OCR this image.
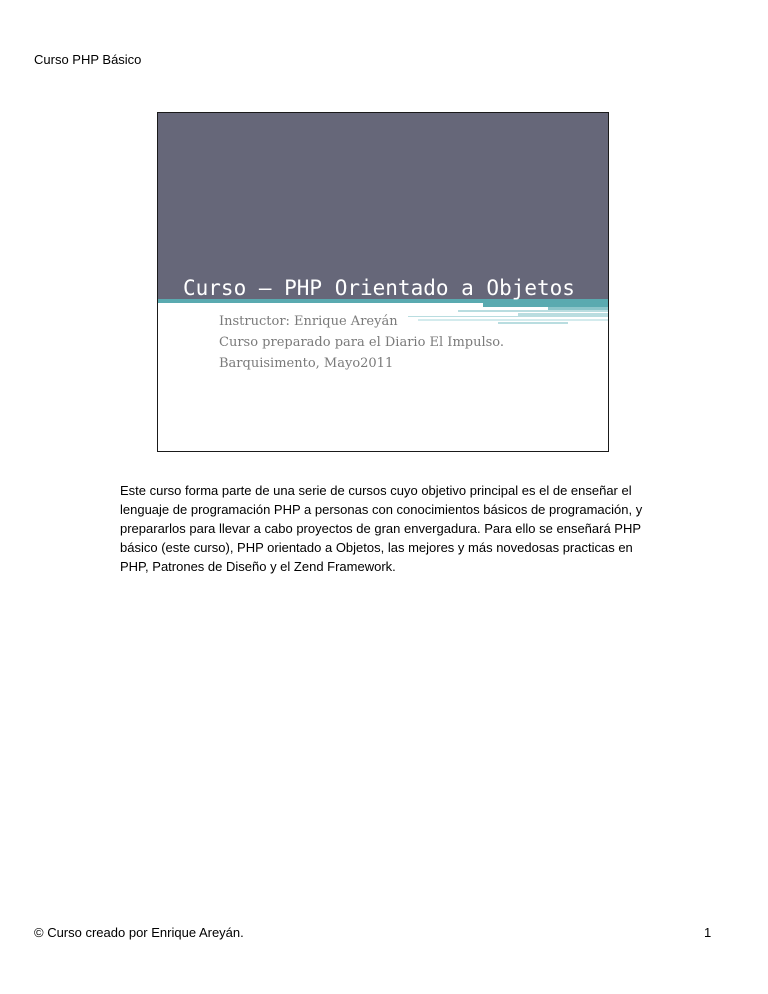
Curso PHP Básico
Curso – PHP Orientado a Objetos
Instructor: Enrique Areyán
Curso preparado para el Diario El Impulso.
Barquisimento, Mayo2011
Este curso forma parte de una serie de cursos cuyo objetivo principal es el de enseñar el lenguaje de programación PHP a personas con conocimientos básicos de programación, y prepararlos para llevar a cabo proyectos de gran envergadura. Para ello se enseñará PHP básico (este curso), PHP orientado a Objetos, las mejores y más novedosas practicas en PHP, Patrones de Diseño y el Zend Framework.
© Curso creado por Enrique Areyán.	1
